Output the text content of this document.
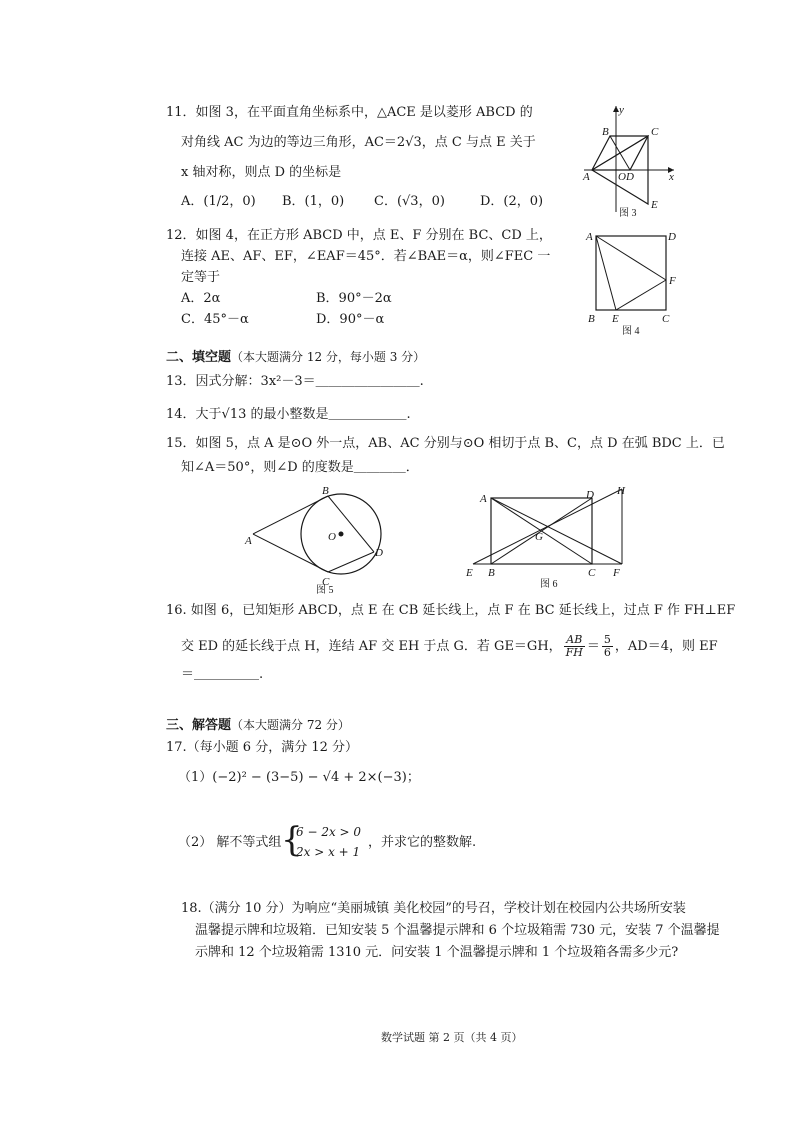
11．如图 3，在平面直角坐标系中，△ACE 是以菱形 ABCD 的
对角线 AC 为边的等边三角形，AC＝2√3，点 C 与点 E 关于
x 轴对称，则点 D 的坐标是
A．(1/2，0) B．(1，0) C．(√3，0)	D．(2，0)
y
B	C
A	O D	x
E
图 3
12．如图 4，在正方形 ABCD 中，点 E、F 分别在 BC、CD 上，
连接 AE、AF、EF，∠EAF＝45°．若∠BAE＝α，则∠FEC 一
定等于
A．2α	B．90°－2α
C．45°－α	D．90°－α
A	D
F
B E	C
图 4
二、填空题（本大题满分 12 分，每小题 3 分）
13．因式分解：3x²－3＝＿＿＿＿＿＿＿＿.
14．大于√13 的最小整数是＿＿＿＿＿＿.
15．如图 5，点 A 是⊙O 外一点，AB、AC 分别与⊙O 相切于点 B、C，点 D 在弧 BDC 上．已
知∠A＝50°，则∠D 的度数是＿＿＿＿．
B
A	O
D
C
图 5
A	D H
G
E B	C F
图 6
16. 如图 6，已知矩形 ABCD，点 E 在 CB 延长线上，点 F 在 BC 延长线上，过点 F 作 FH⊥EF
交 ED 的延长线于点 H，连结 AF 交 EH 于点 G．若 GE＝GH， $\frac{AB}{FH} = \frac{5}{6}$ ，AD＝4，则 EF
＝＿＿＿＿＿.
三、解答题（本大题满分 72 分）
17.（每小题 6 分，满分 12 分）
（1）(−2)² − (3−5) − √4 + 2×(−3)；
（2） 解不等式组 {
6 − 2x > 0
2x > x + 1
，并求它的整数解.
18.（满分 10 分）为响应“美丽城镇 美化校园”的号召，学校计划在校园内公共场所安装
温馨提示牌和垃圾箱．已知安装 5 个温馨提示牌和 6 个垃圾箱需 730 元，安装 7 个温馨提
示牌和 12 个垃圾箱需 1310 元．问安装 1 个温馨提示牌和 1 个垃圾箱各需多少元?
数学试题 第 2 页（共 4 页）
